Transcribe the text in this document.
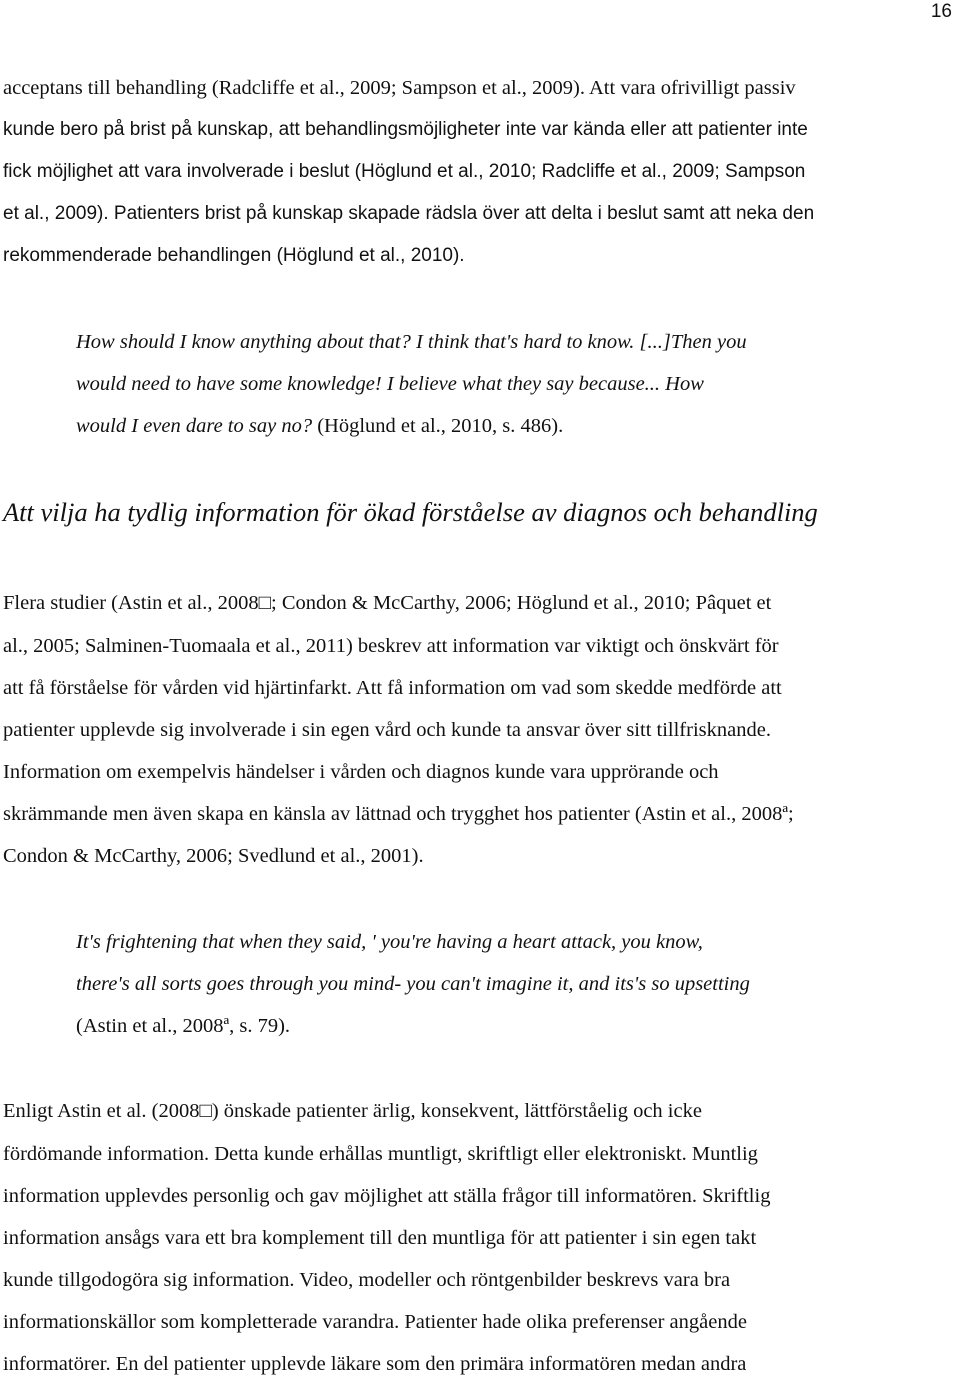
16
acceptans till behandling (Radcliffe et al., 2009; Sampson et al., 2009). Att vara ofrivilligt passiv
kunde bero på brist på kunskap, att behandlingsmöjligheter inte var kända eller att patienter inte
fick möjlighet att vara involverade i beslut (Höglund et al., 2010; Radcliffe et al., 2009; Sampson
et al., 2009). Patienters brist på kunskap skapade rädsla över att delta i beslut samt att neka den
rekommenderade behandlingen (Höglund et al., 2010).
How should I know anything about that? I think that's hard to know. [...]Then you
would need to have some knowledge! I believe what they say because... How
would I even dare to say no? (Höglund et al., 2010, s. 486).
Att vilja ha tydlig information för ökad förståelse av diagnos och behandling
Flera studier (Astin et al., 2008□; Condon & McCarthy, 2006; Höglund et al., 2010; Pâquet et
al., 2005; Salminen-Tuomaala et al., 2011) beskrev att information var viktigt och önskvärt för
att få förståelse för vården vid hjärtinfarkt. Att få information om vad som skedde medförde att
patienter upplevde sig involverade i sin egen vård och kunde ta ansvar över sitt tillfrisknande.
Information om exempelvis händelser i vården och diagnos kunde vara upprörande och
skrämmande men även skapa en känsla av lättnad och trygghet hos patienter (Astin et al., 2008ª;
Condon & McCarthy, 2006; Svedlund et al., 2001).
It's frightening that when they said, ' you're having a heart attack, you know,
there's all sorts goes through you mind- you can't imagine it, and its's so upsetting
(Astin et al., 2008ª, s. 79).
Enligt Astin et al. (2008□) önskade patienter ärlig, konsekvent, lättförståelig och icke
fördömande information. Detta kunde erhållas muntligt, skriftligt eller elektroniskt. Muntlig
information upplevdes personlig och gav möjlighet att ställa frågor till informatören. Skriftlig
information ansågs vara ett bra komplement till den muntliga för att patienter i sin egen takt
kunde tillgodogöra sig information. Video, modeller och röntgenbilder beskrevs vara bra
informationskällor som kompletterade varandra. Patienter hade olika preferenser angående
informatörer. En del patienter upplevde läkare som den primära informatören medan andra
